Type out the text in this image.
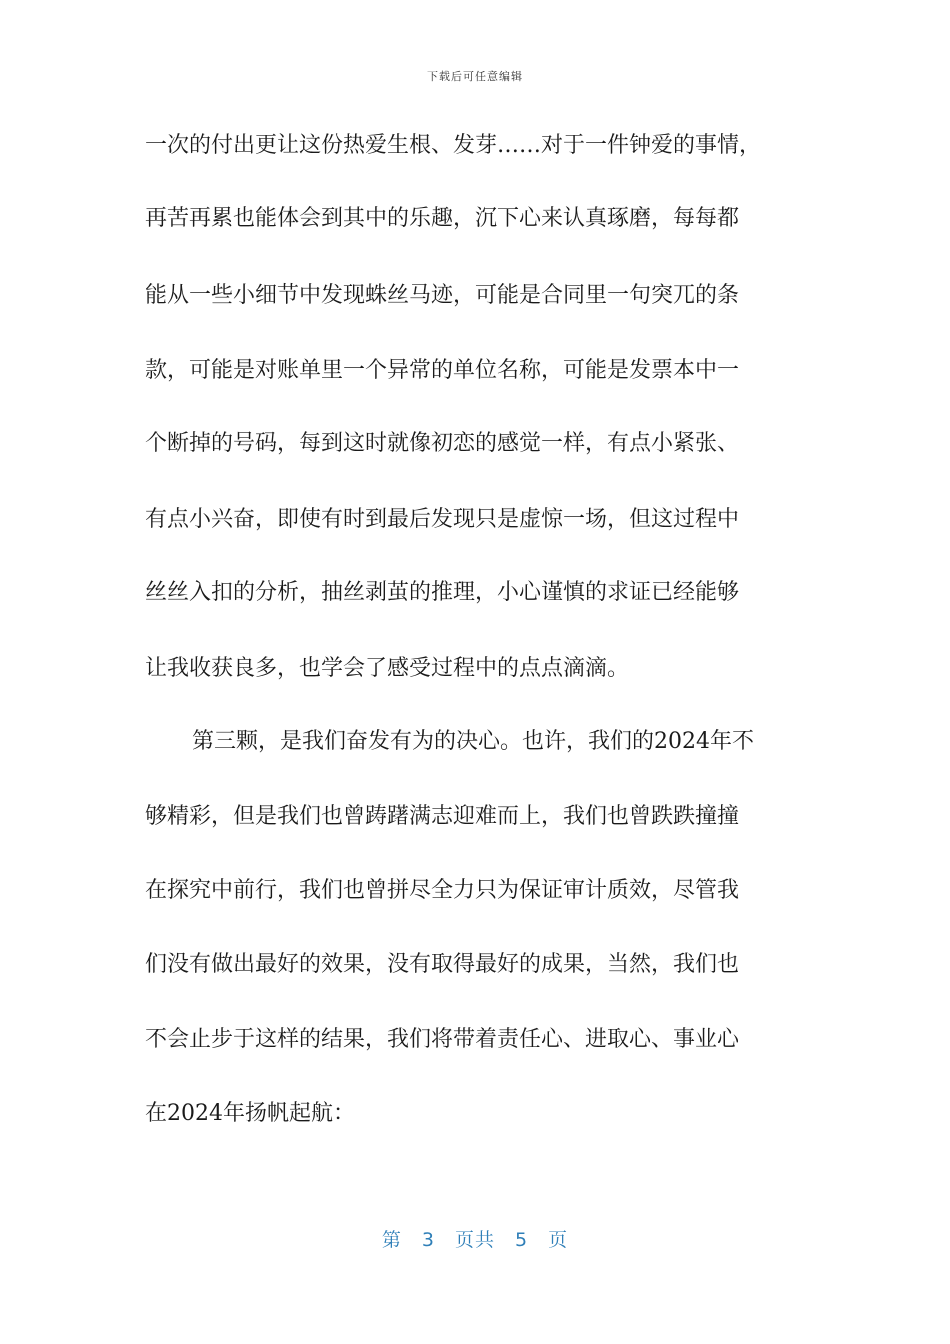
下载后可任意编辑
一次的付出更让这份热爱生根、发芽……对于一件钟爱的事情，
再苦再累也能体会到其中的乐趣，沉下心来认真琢磨，每每都
能从一些小细节中发现蛛丝马迹，可能是合同里一句突兀的条
款，可能是对账单里一个异常的单位名称，可能是发票本中一
个断掉的号码，每到这时就像初恋的感觉一样，有点小紧张、
有点小兴奋，即使有时到最后发现只是虚惊一场，但这过程中
丝丝入扣的分析，抽丝剥茧的推理，小心谨慎的求证已经能够
让我收获良多，也学会了感受过程中的点点滴滴。
第三颗，是我们奋发有为的决心。也许，我们的2024年不
够精彩，但是我们也曾踌躇满志迎难而上，我们也曾跌跌撞撞
在探究中前行，我们也曾拼尽全力只为保证审计质效，尽管我
们没有做出最好的效果，没有取得最好的成果，当然，我们也
不会止步于这样的结果，我们将带着责任心、进取心、事业心
在2024年扬帆起航：
第 3 页共 5 页
